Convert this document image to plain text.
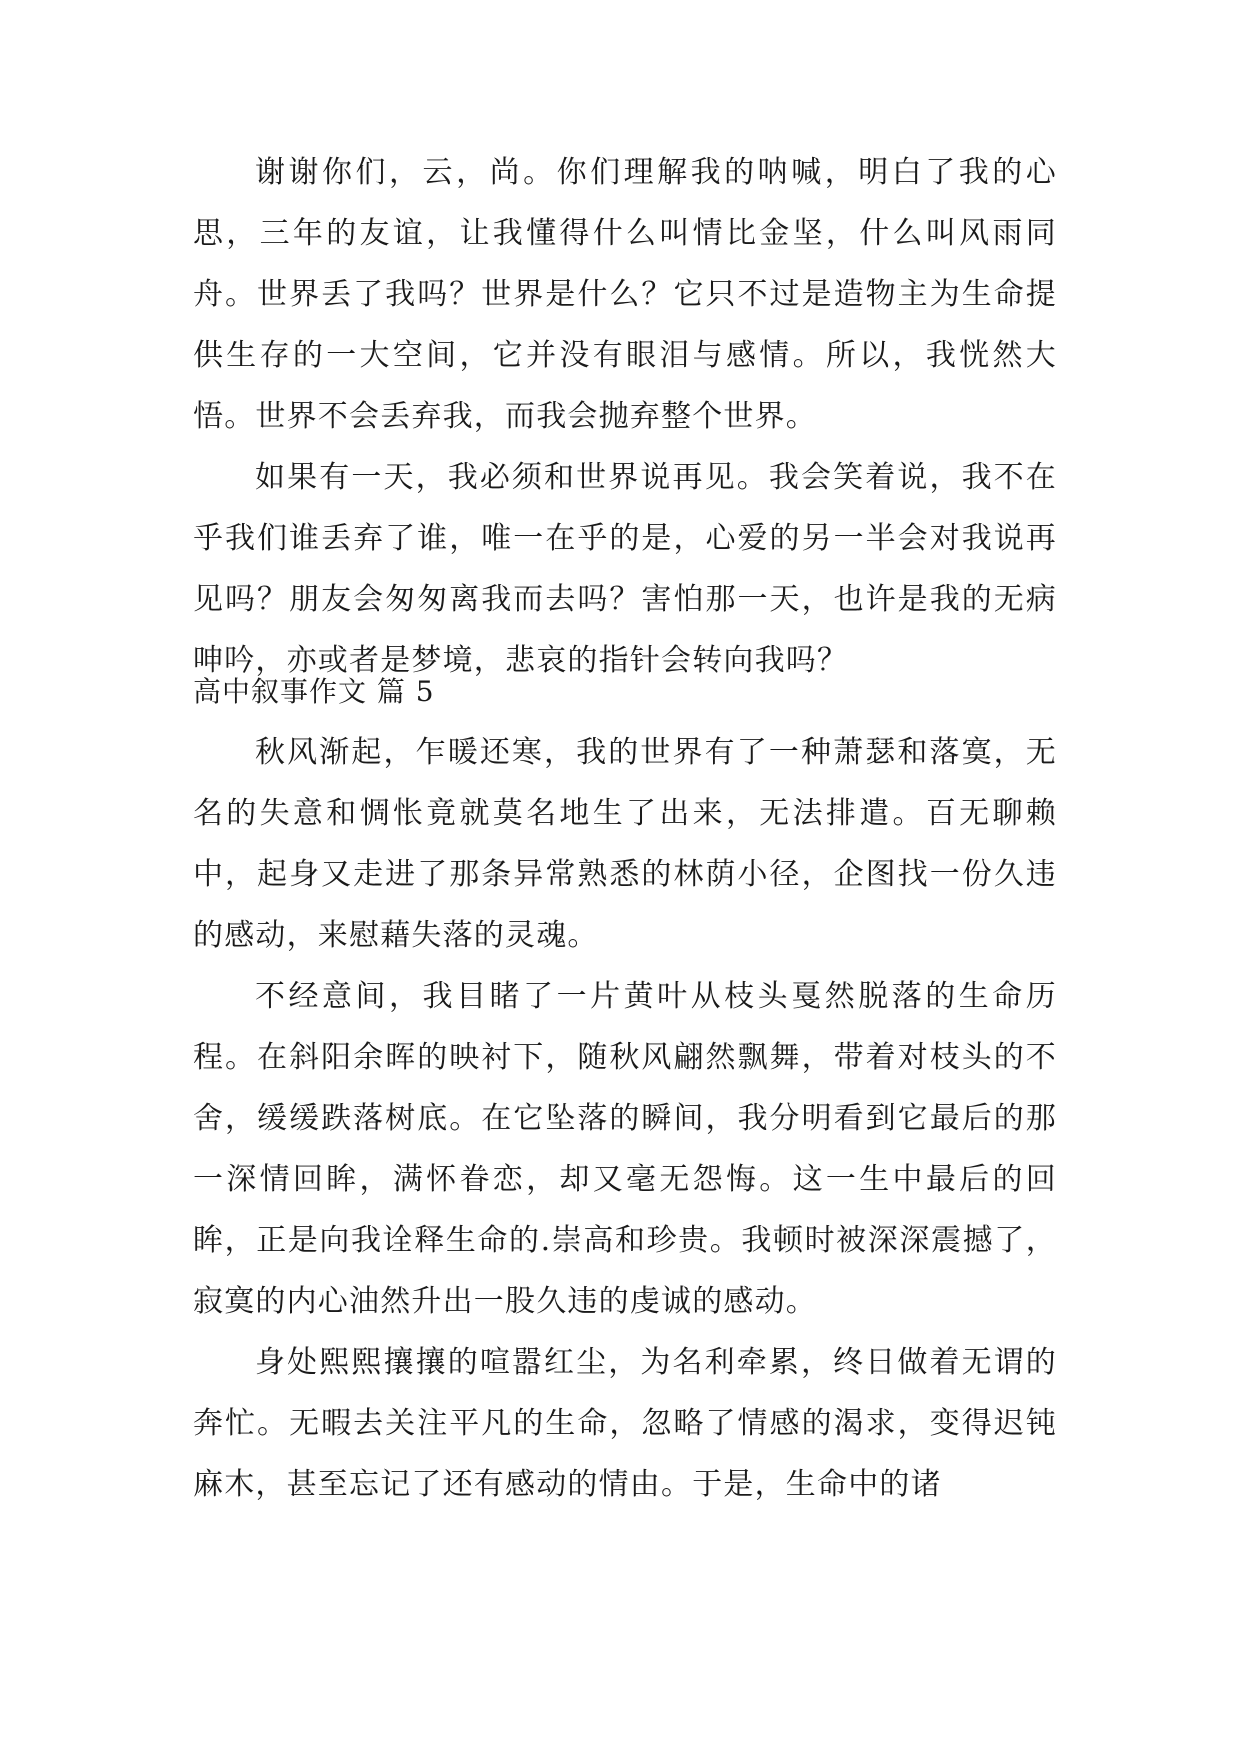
谢谢你们，云，尚。你们理解我的呐喊，明白了我的心思，三年的友谊，让我懂得什么叫情比金坚，什么叫风雨同舟。世界丢了我吗？世界是什么？它只不过是造物主为生命提供生存的一大空间，它并没有眼泪与感情。所以，我恍然大悟。世界不会丢弃我，而我会抛弃整个世界。

如果有一天，我必须和世界说再见。我会笑着说，我不在乎我们谁丢弃了谁，唯一在乎的是，心爱的另一半会对我说再见吗？朋友会匆匆离我而去吗？害怕那一天，也许是我的无病呻吟，亦或者是梦境，悲哀的指针会转向我吗？

高中叙事作文 篇 5

秋风渐起，乍暖还寒，我的世界有了一种萧瑟和落寞，无名的失意和惆怅竟就莫名地生了出来，无法排遣。百无聊赖中，起身又走进了那条异常熟悉的林荫小径，企图找一份久违的感动，来慰藉失落的灵魂。

不经意间，我目睹了一片黄叶从枝头戛然脱落的生命历程。在斜阳余晖的映衬下，随秋风翩然飘舞，带着对枝头的不舍，缓缓跌落树底。在它坠落的瞬间，我分明看到它最后的那一深情回眸，满怀眷恋，却又毫无怨悔。这一生中最后的回眸，正是向我诠释生命的.崇高和珍贵。我顿时被深深震撼了，寂寞的内心油然升出一股久违的虔诚的感动。

身处熙熙攘攘的喧嚣红尘，为名利牵累，终日做着无谓的奔忙。无暇去关注平凡的生命，忽略了情感的渴求，变得迟钝麻木，甚至忘记了还有感动的情由。于是，生命中的诸
